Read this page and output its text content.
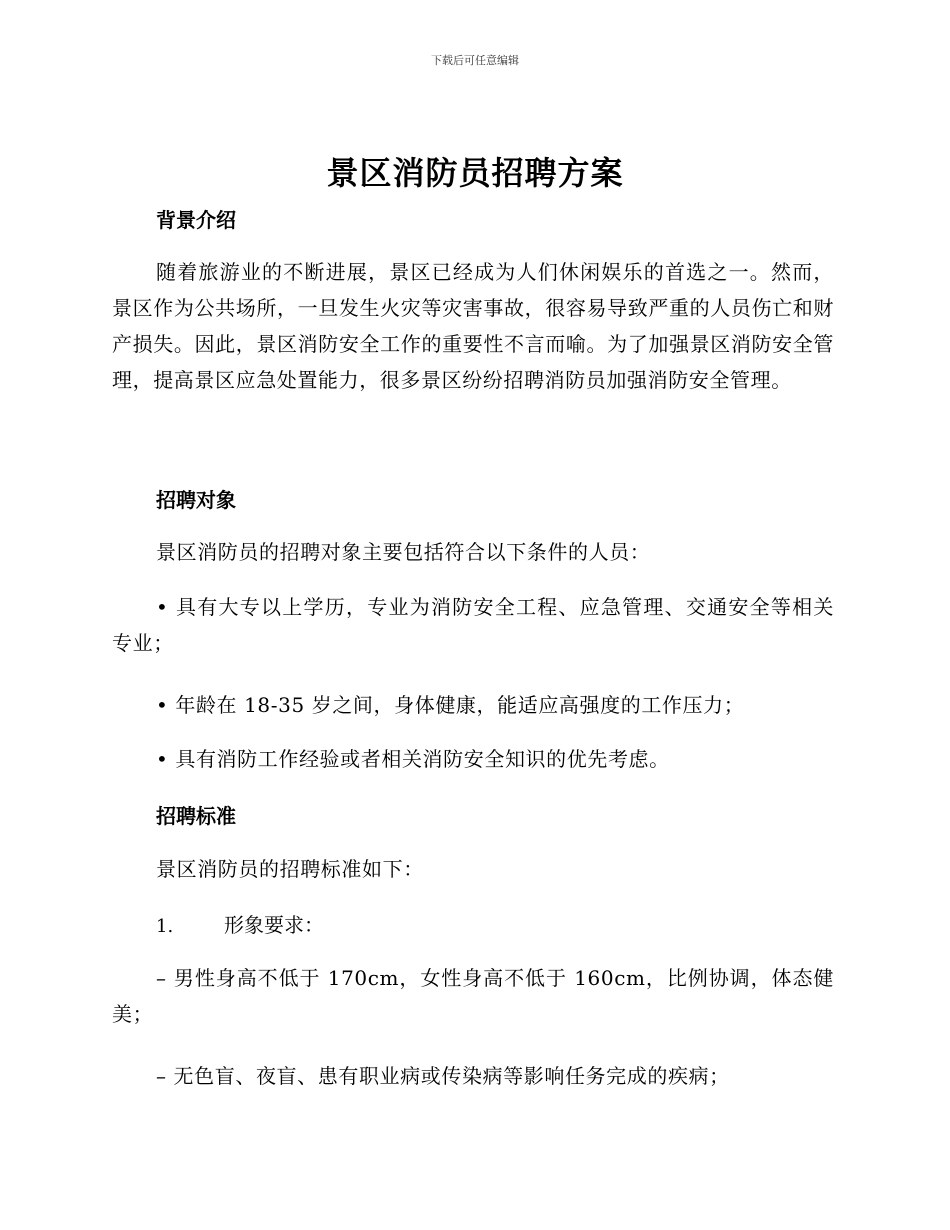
下载后可任意编辑
景区消防员招聘方案
背景介绍

随着旅游业的不断进展，景区已经成为人们休闲娱乐的首选之一。然而，景区作为公共场所，一旦发生火灾等灾害事故，很容易导致严重的人员伤亡和财产损失。因此，景区消防安全工作的重要性不言而喻。为了加强景区消防安全管理，提高景区应急处置能力，很多景区纷纷招聘消防员加强消防安全管理。

招聘对象

景区消防员的招聘对象主要包括符合以下条件的人员：

• 具有大专以上学历，专业为消防安全工程、应急管理、交通安全等相关专业；

• 年龄在 18-35 岁之间，身体健康，能适应高强度的工作压力；

• 具有消防工作经验或者相关消防安全知识的优先考虑。

招聘标准

景区消防员的招聘标准如下：

1.	形象要求：

– 男性身高不低于 170cm，女性身高不低于 160cm，比例协调，体态健美；

– 无色盲、夜盲、患有职业病或传染病等影响任务完成的疾病；
